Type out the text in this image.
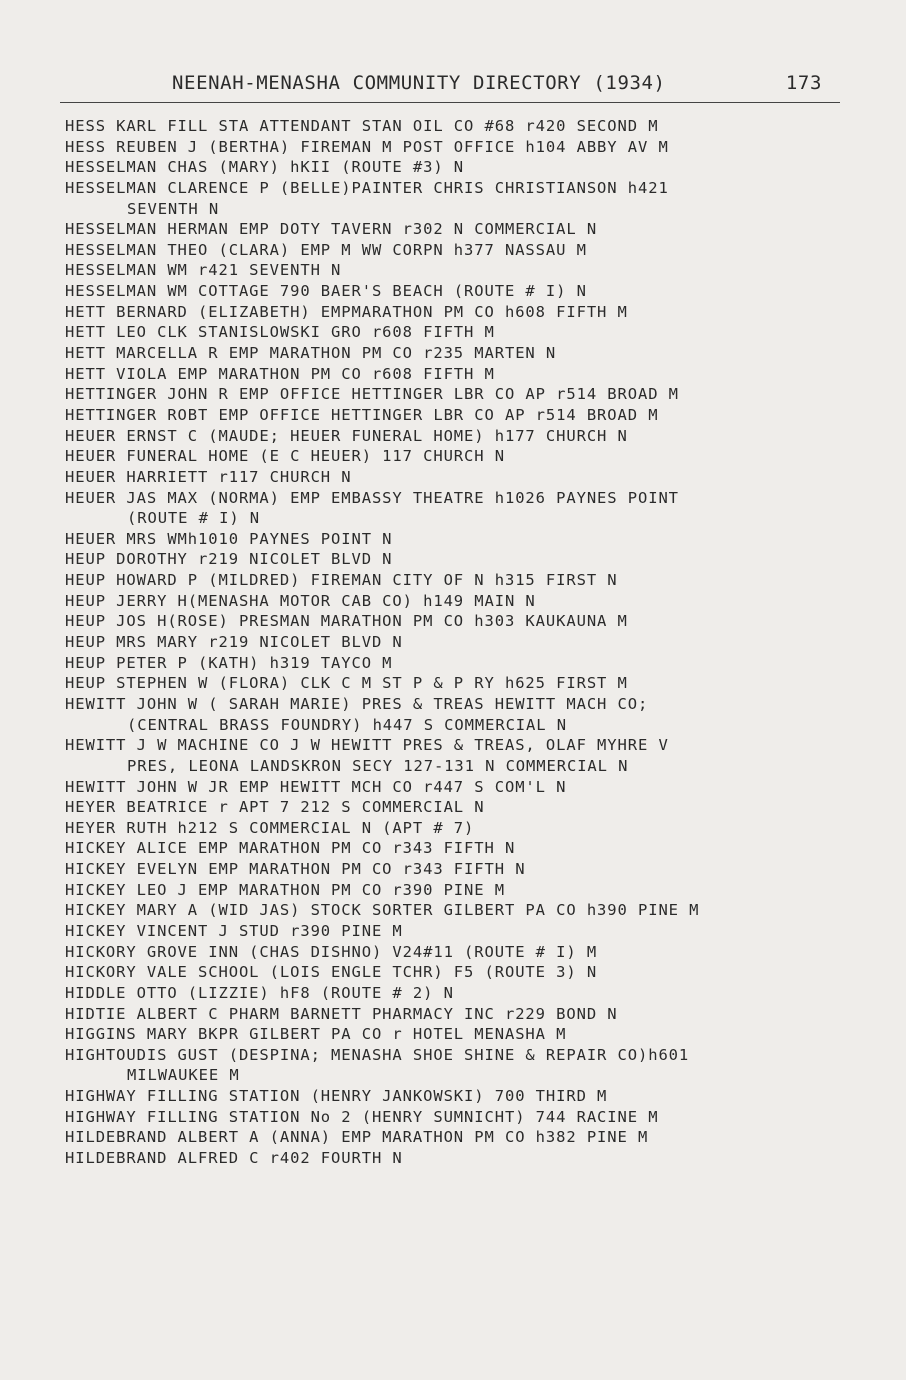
NEENAH-MENASHA COMMUNITY DIRECTORY (1934)	173
HESS KARL FILL STA ATTENDANT STAN OIL CO #68 r420 SECOND M
HESS REUBEN J (BERTHA) FIREMAN M POST OFFICE h104 ABBY AV M
HESSELMAN CHAS (MARY) hKII (ROUTE #3) N
HESSELMAN CLARENCE P (BELLE)PAINTER CHRIS CHRISTIANSON h421
SEVENTH N
HESSELMAN HERMAN EMP DOTY TAVERN r302 N COMMERCIAL N
HESSELMAN THEO (CLARA) EMP M WW CORPN h377 NASSAU M
HESSELMAN WM r421 SEVENTH N
HESSELMAN WM COTTAGE 790 BAER'S BEACH (ROUTE # I) N
HETT BERNARD (ELIZABETH) EMPMARATHON PM CO h608 FIFTH M
HETT LEO CLK STANISLOWSKI GRO r608 FIFTH M
HETT MARCELLA R EMP MARATHON PM CO r235 MARTEN N
HETT VIOLA EMP MARATHON PM CO r608 FIFTH M
HETTINGER JOHN R EMP OFFICE HETTINGER LBR CO AP r514 BROAD M
HETTINGER ROBT EMP OFFICE HETTINGER LBR CO AP r514 BROAD M
HEUER ERNST C (MAUDE; HEUER FUNERAL HOME) h177 CHURCH N
HEUER FUNERAL HOME (E C HEUER) 117 CHURCH N
HEUER HARRIETT r117 CHURCH N
HEUER JAS MAX (NORMA) EMP EMBASSY THEATRE h1026 PAYNES POINT
(ROUTE # I) N
HEUER MRS WMh1010 PAYNES POINT N
HEUP DOROTHY r219 NICOLET BLVD N
HEUP HOWARD P (MILDRED) FIREMAN CITY OF N h315 FIRST N
HEUP JERRY H(MENASHA MOTOR CAB CO) h149 MAIN N
HEUP JOS H(ROSE) PRESMAN MARATHON PM CO h303 KAUKAUNA M
HEUP MRS MARY r219 NICOLET BLVD N
HEUP PETER P (KATH) h319 TAYCO M
HEUP STEPHEN W (FLORA) CLK C M ST P & P RY h625 FIRST M
HEWITT JOHN W ( SARAH MARIE) PRES & TREAS HEWITT MACH CO;
(CENTRAL BRASS FOUNDRY) h447 S COMMERCIAL N
HEWITT J W MACHINE CO J W HEWITT PRES & TREAS, OLAF MYHRE V
PRES, LEONA LANDSKRON SECY 127-131 N COMMERCIAL N
HEWITT JOHN W JR EMP HEWITT MCH CO r447 S COM'L N
HEYER BEATRICE r APT 7 212 S COMMERCIAL N
HEYER RUTH h212 S COMMERCIAL N (APT # 7)
HICKEY ALICE EMP MARATHON PM CO r343 FIFTH N
HICKEY EVELYN EMP MARATHON PM CO r343 FIFTH N
HICKEY LEO J EMP MARATHON PM CO r390 PINE M
HICKEY MARY A (WID JAS) STOCK SORTER GILBERT PA CO h390 PINE M
HICKEY VINCENT J STUD r390 PINE M
HICKORY GROVE INN (CHAS DISHNO) V24#11 (ROUTE # I) M
HICKORY VALE SCHOOL (LOIS ENGLE TCHR) F5 (ROUTE 3) N
HIDDLE OTTO (LIZZIE) hF8 (ROUTE # 2) N
HIDTIE ALBERT C PHARM BARNETT PHARMACY INC r229 BOND N
HIGGINS MARY BKPR GILBERT PA CO r HOTEL MENASHA M
HIGHTOUDIS GUST (DESPINA; MENASHA SHOE SHINE & REPAIR CO)h601
MILWAUKEE M
HIGHWAY FILLING STATION (HENRY JANKOWSKI) 700 THIRD M
HIGHWAY FILLING STATION No 2 (HENRY SUMNICHT) 744 RACINE M
HILDEBRAND ALBERT A (ANNA) EMP MARATHON PM CO h382 PINE M
HILDEBRAND ALFRED C r402 FOURTH N
